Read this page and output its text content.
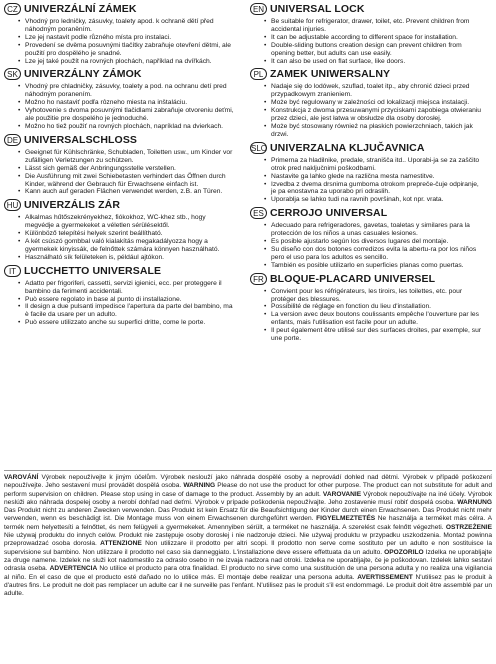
CZ UNIVERZÁLNÍ ZÁMEK
• Vhodný pro ledničky, zásuvky, toalety apod. k ochraně dětí před náhodným poraněním.
• Lze jej nastavit podle různého místa pro instalaci.
• Provedení se dvěma posuvnými tlačítky zabraňuje otevření dětmi, ale použití pro dospělého je snadné.
• Lze jej také použít na rovných plochách, například na dvířkách.
SK UNIVERZÁLNY ZÁMOK
• Vhodný pre chladničky, zásuvky, toalety a pod. na ochranu detí pred náhodným poranením.
• Možno ho nastaviť podľa rôzneho miesta na inštaláciu.
• Vyhotovenie s dvoma posuvnými tlačidlami zabraňuje otvoreniu deťmi, ale použitie pre dospelého je jednoduché.
• Možno ho tiež použiť na rovných plochách, napríklad na dvierkach.
DE UNIVERSALSCHLOSS
• Geeignet für Kühlschränke, Schubladen, Toiletten usw., um Kinder vor zufälligen Verletzungen zu schützen.
• Lässt sich gemäß der Anbringungsstelle verstellen.
• Die Ausführung mit zwei Schiebetasten verhindert das Öffnen durch Kinder, während der Gebrauch für Erwachsene einfach ist.
• Kann auch auf geraden Flächen verwendet werden, z.B. an Türen.
HU UNIVERZÁLIS ZÁR
• Alkalmas hűtőszekrényekhez, fiókokhoz, WC-khez stb., hogy megvédje a gyermekeket a véletlen sérülésektől.
• Különböző telepítési helyek szerint beállítható.
• A két csúszó gombbal való kialakítás megakadályozza hogy a gyermekek kinyissák, de felnőttek számára könnyen használható.
• Használható sík felületeken is, például ajtókon.
IT LUCCHETTO UNIVERSALE
• Adatto per frigoriferi, cassetti, servizi igienici, ecc. per proteggere il bambino da ferimenti accidentali.
• Può essere regolato in base al punto di installazione.
• Il design a due pulsanti impedisce l'apertura da parte del bambino, ma è facile da usare per un adulto.
• Può essere utilizzato anche su superfici dritte, come le porte.
EN UNIVERSAL LOCK
• Be suitable for refrigerator, drawer, toilet, etc. Prevent children from accidental injuries.
• It can be adjustable according to different space for installation.
• Double-sliding buttons creation design can prevent children from opening better, but adults can use easily.
• It can also be used on flat surface, like doors.
PL ZAMEK UNIWERSALNY
• Nadaje się do lodówek, szuflad, toalet itp., aby chronić dzieci przed przypadkowym zranieniem.
• Może być regulowany w zależności od lokalizacji miejsca instalacji.
• Konstrukcja z dwoma przesuwanymi przyciskami zapobiega otwieraniu przez dzieci, ale jest łatwa w obsłudze dla osoby dorosłej.
• Może być stosowany również na płaskich powierzchniach, takich jak drzwi.
SLO UNIVERZALNA KLJUČAVNICA
• Primerna za hladilnike, predale, stranišča itd.. Uporabi-ja se za zaščito otrok pred naključnimi poškodbami.
• Nastavite ga lahko glede na različna mesta namestitve.
• Izvedba z dvema drsnima gumboma otrokom prepreče-čuje odpiranje, je pa enostavna za uporabo pri odraslih.
• Uporablja se lahko tudi na ravnih površinah, kot npr. vrata.
ES CERROJO UNIVERSAL
• Adecuado para refrigeradores, gavetas, toaletas y similares para la protección de los niños a unas casuales lesiones.
• Es posible ajustarlo según los diversos lugares del montaje.
• Su diseño con dos botones corredizos evita la abertu-ra por los niños pero el uso para los adultos es sencillo.
• También es posible utilizarlo en superficies planas como puertas.
FR BLOQUE-PLACARD UNIVERSEL
• Convient pour les réfrigérateurs, les tiroirs, les toilettes, etc. pour protéger des blessures.
• Possibilité de réglage en fonction du lieu d'installation.
• La version avec deux boutons coulissants empêche l'ouverture par les enfants, mais l'utilisation est facile pour un adulte.
• Il peut également être utilisé sur des surfaces droites, par exemple, sur une porte.
VAROVÁNÍ Výrobek nepoužívejte k jiným účelům. Výrobek neslouží jako náhrada dospělé osoby a neprovádí dohled nad dětmi. Výrobek v případě poškození nepoužívejte. Jeho sestavení musí provádět dospělá osoba. WARNING Please do not use the product for other purpose. The product can not substitute for adult and perform supervision on children. Please stop using in case of damage to the product. Assembly by an adult. VAROVANIE Výrobok nepoužívajte na iné účely. Výrobok neslúži ako náhrada dospelej osoby a nerobí dohľad nad deťmi. Výrobok v prípade poškodenia nepoužívajte. Jeho zostavenie musí robiť dospelá osoba. WARNUNG Das Produkt nicht zu anderen Zwecken verwenden. Das Produkt ist kein Ersatz für die Beaufsichtigung der Kinder durch einen Erwachsenen. Das Produkt nicht mehr verwenden, wenn es beschädigt ist. Die Montage muss von einem Erwachsenen durchgeführt werden. FIGYELMEZTETÉS Ne használja a terméket más célra. A termék nem helyettesíti a felnőttet, és nem felügyeli a gyermekeket. Amennyiben sérült, a terméket ne használja. A szerelést csak felnőtt végezheti. OSTRZEŻENIE Nie używaj produktu do innych celów. Produkt nie zastępuje osoby dorosłej i nie nadzoruje dzieci. Nie używaj produktu w przypadku uszkodzenia. Montaż powinna przeprowadzać osoba dorosła. ATTENZIONE Non utilizzare il prodotto per altri scopi. Il prodotto non serve come sostituto per un adulto e non sostituisce la supervisione sul bambino. Non utilizzare il prodotto nel caso sia danneggiato. L'installazione deve essere effettuata da un adulto. OPOZORILO Izdelka ne uporabljajte za druge namene. Izdelek ne služi kot nadomestilo za odraslo osebo in ne izvaja nadzora nad otroki. Izdelka ne uporabljajte, če je poškodovan. Izdelek lahko sestavi odrasla oseba. ADVERTENCIA No utilice el producto para otra finalidad. El producto no sirve como una sustitución de una persona adulta y no realiza una vigilancia al niño. En el caso de que el producto esté dañado no lo utilice más. El montaje debe realizar una persona adulta. AVERTISSEMENT N'utilisez pas le produit à d'autres fins. Le produit ne doit pas remplacer un adulte car il ne surveille pas l'enfant. N'utilisez pas le produit s'il est endommagé. Le produit doit être assemblé par un adulte.
